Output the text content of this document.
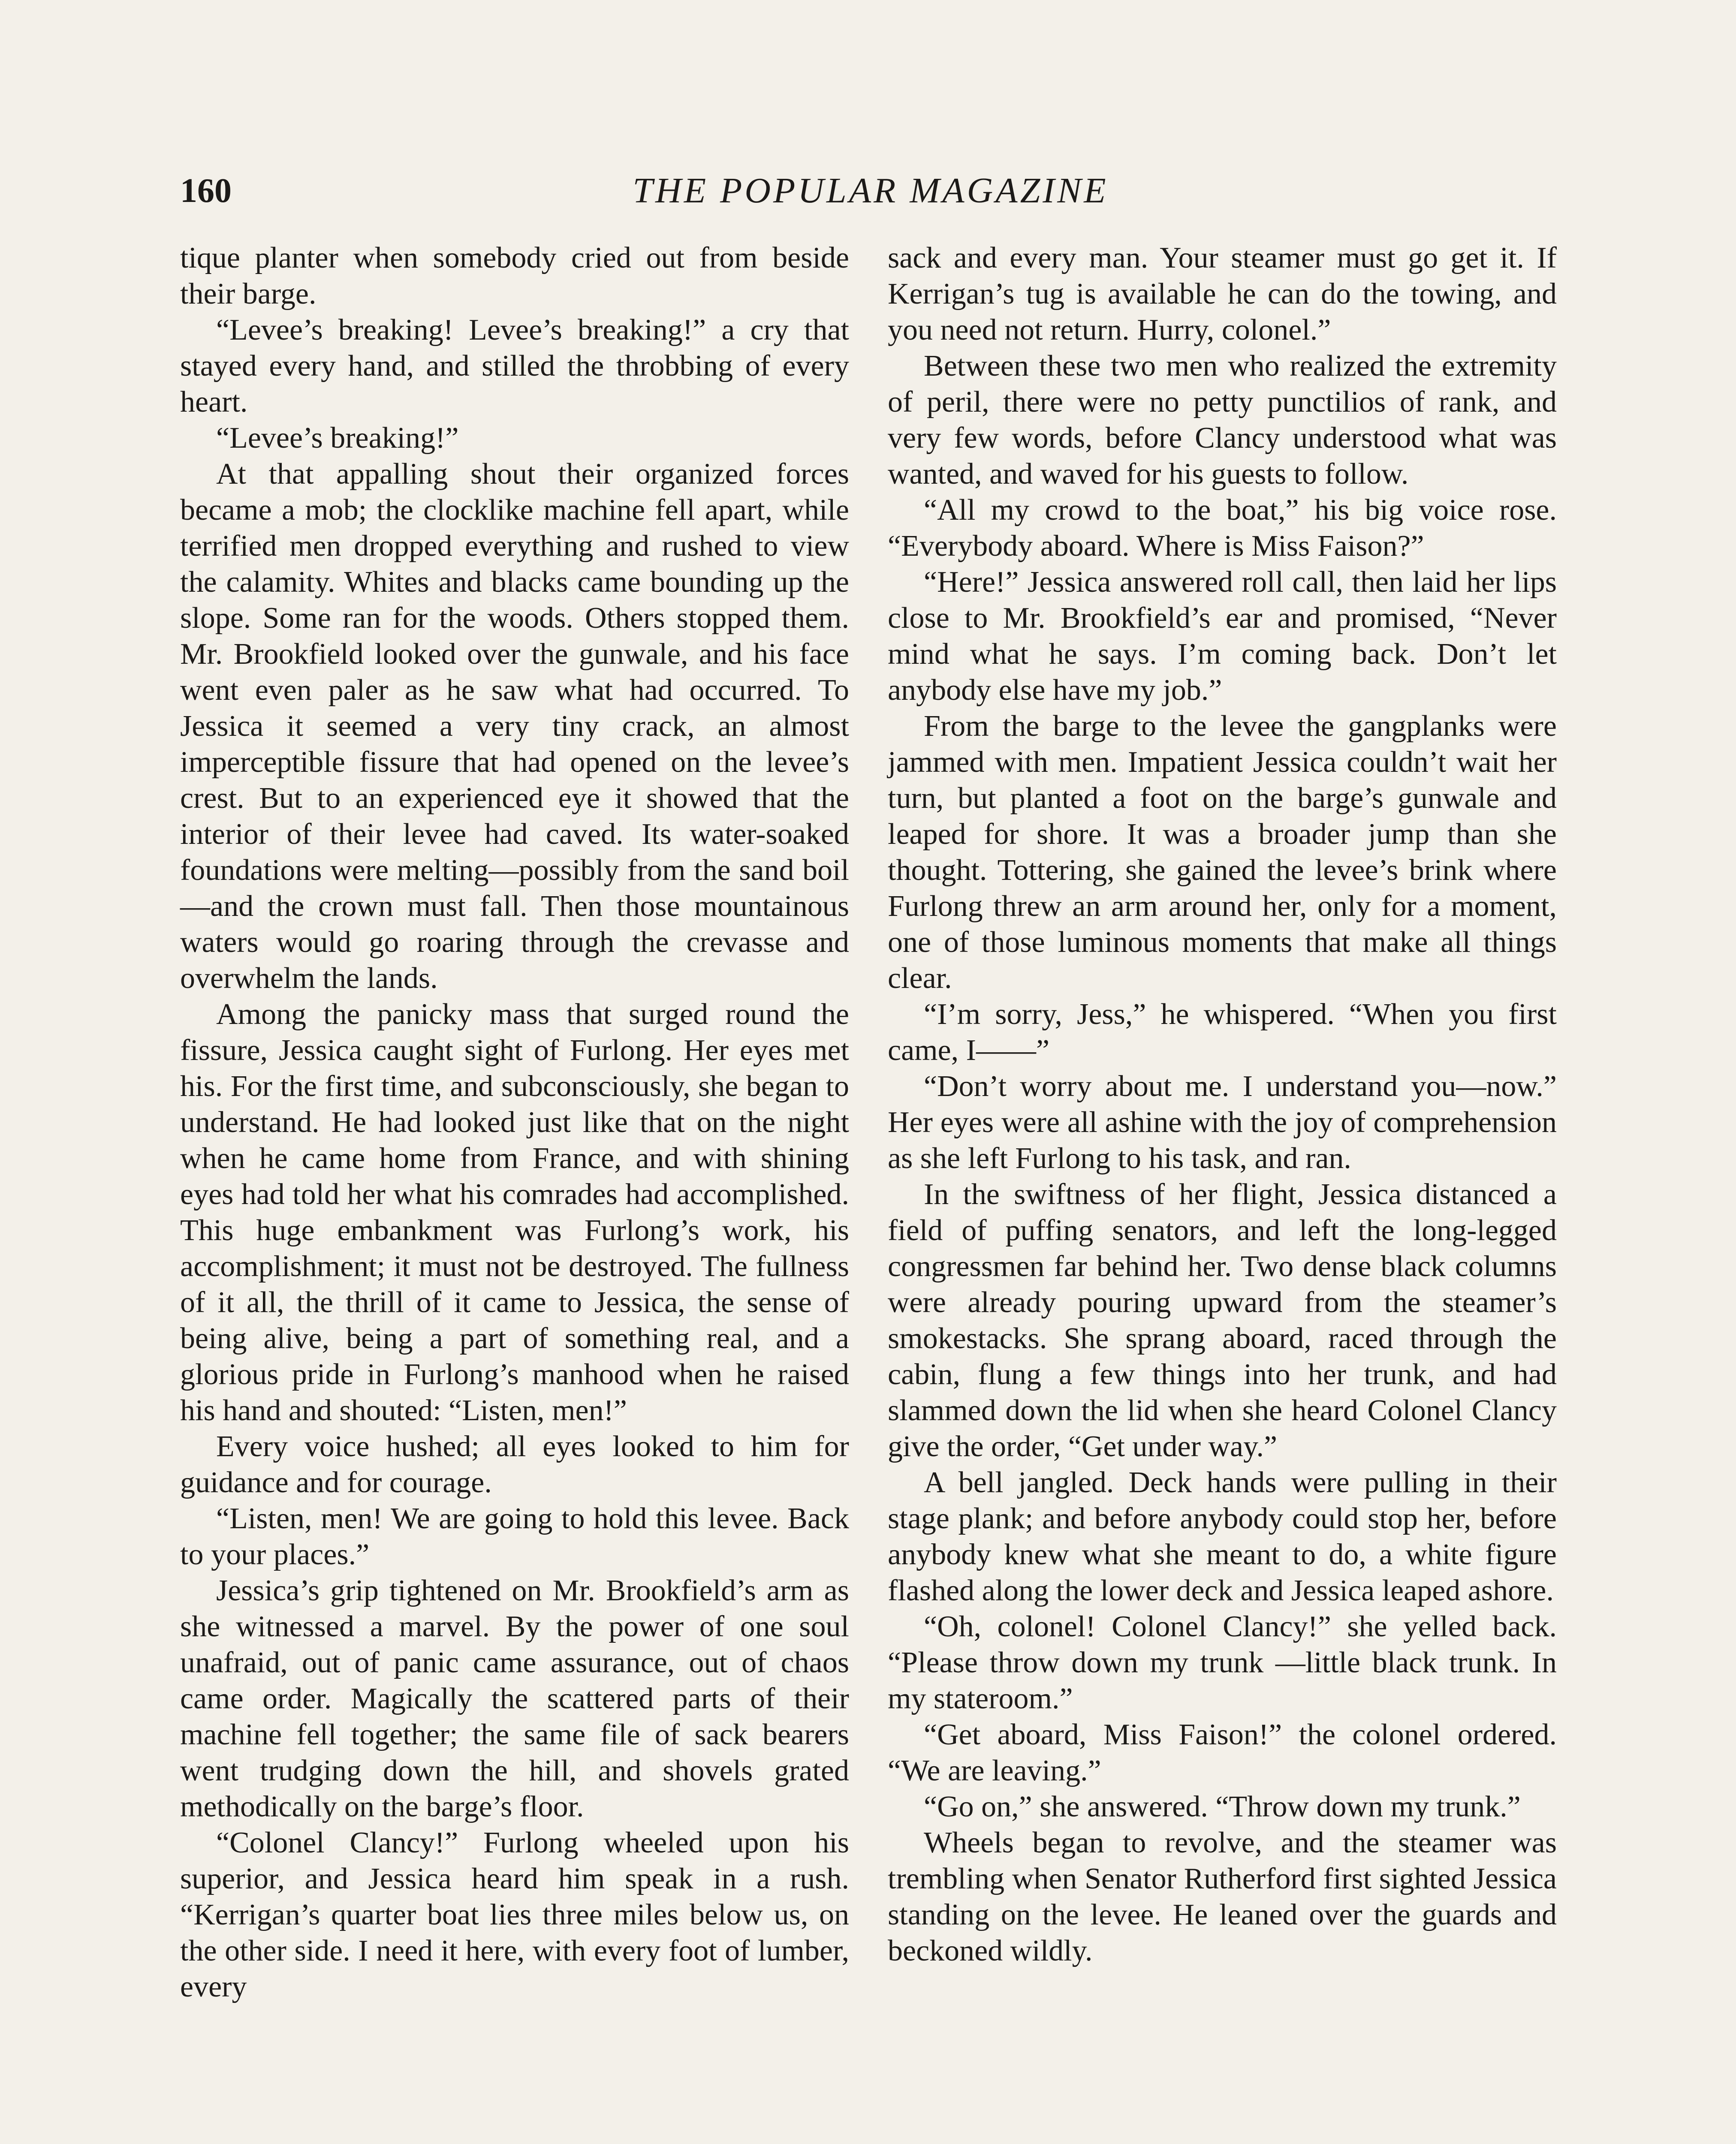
160	THE POPULAR MAGAZINE

tique planter when somebody cried out from beside their barge.

“Levee’s breaking! Levee’s breaking!” a cry that stayed every hand, and stilled the throbbing of every heart.

“Levee’s breaking!”

At that appalling shout their organized forces became a mob; the clocklike machine fell apart, while terrified men dropped everything and rushed to view the calamity. Whites and blacks came bounding up the slope. Some ran for the woods. Others stopped them. Mr. Brookfield looked over the gunwale, and his face went even paler as he saw what had occurred. To Jessica it seemed a very tiny crack, an almost imperceptible fissure that had opened on the levee’s crest. But to an experienced eye it showed that the interior of their levee had caved. Its water-soaked foundations were melting—possibly from the sand boil—and the crown must fall. Then those mountainous waters would go roaring through the crevasse and overwhelm the lands.

Among the panicky mass that surged round the fissure, Jessica caught sight of Furlong. Her eyes met his. For the first time, and subconsciously, she began to understand. He had looked just like that on the night when he came home from France, and with shining eyes had told her what his comrades had accomplished. This huge embankment was Furlong’s work, his accomplishment; it must not be destroyed. The fullness of it all, the thrill of it came to Jessica, the sense of being alive, being a part of something real, and a glorious pride in Furlong’s manhood when he raised his hand and shouted: “Listen, men!”

Every voice hushed; all eyes looked to him for guidance and for courage.

“Listen, men! We are going to hold this levee. Back to your places.”

Jessica’s grip tightened on Mr. Brookfield’s arm as she witnessed a marvel. By the power of one soul unafraid, out of panic came assurance, out of chaos came order. Magically the scattered parts of their machine fell together; the same file of sack bearers went trudging down the hill, and shovels grated methodically on the barge’s floor.

“Colonel Clancy!” Furlong wheeled upon his superior, and Jessica heard him speak in a rush. “Kerrigan’s quarter boat lies three miles below us, on the other side. I need it here, with every foot of lumber, every

sack and every man. Your steamer must go get it. If Kerrigan’s tug is available he can do the towing, and you need not return. Hurry, colonel.”

Between these two men who realized the extremity of peril, there were no petty punctilios of rank, and very few words, before Clancy understood what was wanted, and waved for his guests to follow.

“All my crowd to the boat,” his big voice rose. “Everybody aboard. Where is Miss Faison?”

“Here!” Jessica answered roll call, then laid her lips close to Mr. Brookfield’s ear and promised, “Never mind what he says. I’m coming back. Don’t let anybody else have my job.”

From the barge to the levee the gangplanks were jammed with men. Impatient Jessica couldn’t wait her turn, but planted a foot on the barge’s gunwale and leaped for shore. It was a broader jump than she thought. Tottering, she gained the levee’s brink where Furlong threw an arm around her, only for a moment, one of those luminous moments that make all things clear.

“I’m sorry, Jess,” he whispered. “When you first came, I——”

“Don’t worry about me. I understand you—now.” Her eyes were all ashine with the joy of comprehension as she left Furlong to his task, and ran.

In the swiftness of her flight, Jessica distanced a field of puffing senators, and left the long-legged congressmen far behind her. Two dense black columns were already pouring upward from the steamer’s smokestacks. She sprang aboard, raced through the cabin, flung a few things into her trunk, and had slammed down the lid when she heard Colonel Clancy give the order, “Get under way.”

A bell jangled. Deck hands were pulling in their stage plank; and before anybody could stop her, before anybody knew what she meant to do, a white figure flashed along the lower deck and Jessica leaped ashore.

“Oh, colonel! Colonel Clancy!” she yelled back. “Please throw down my trunk —little black trunk. In my stateroom.”

“Get aboard, Miss Faison!” the colonel ordered. “We are leaving.”

“Go on,” she answered. “Throw down my trunk.”

Wheels began to revolve, and the steamer was trembling when Senator Rutherford first sighted Jessica standing on the levee. He leaned over the guards and beckoned wildly.
